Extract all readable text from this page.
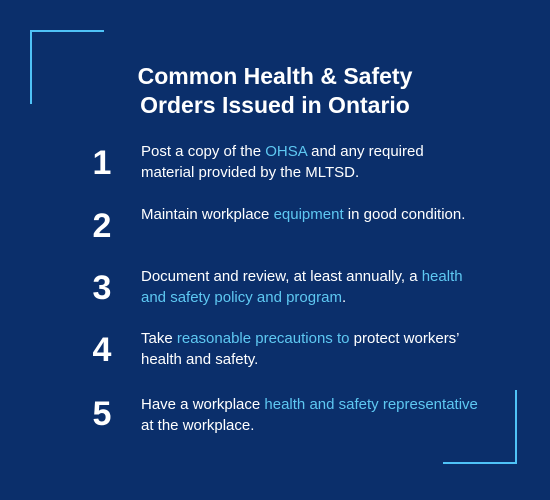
Common Health & Safety
Orders Issued in Ontario
1 Post a copy of the OHSA and any required material provided by the MLTSD.
2 Maintain workplace equipment in good condition.
3 Document and review, at least annually, a health and safety policy and program.
4 Take reasonable precautions to protect workers’ health and safety.
5 Have a workplace health and safety representative at the workplace.
